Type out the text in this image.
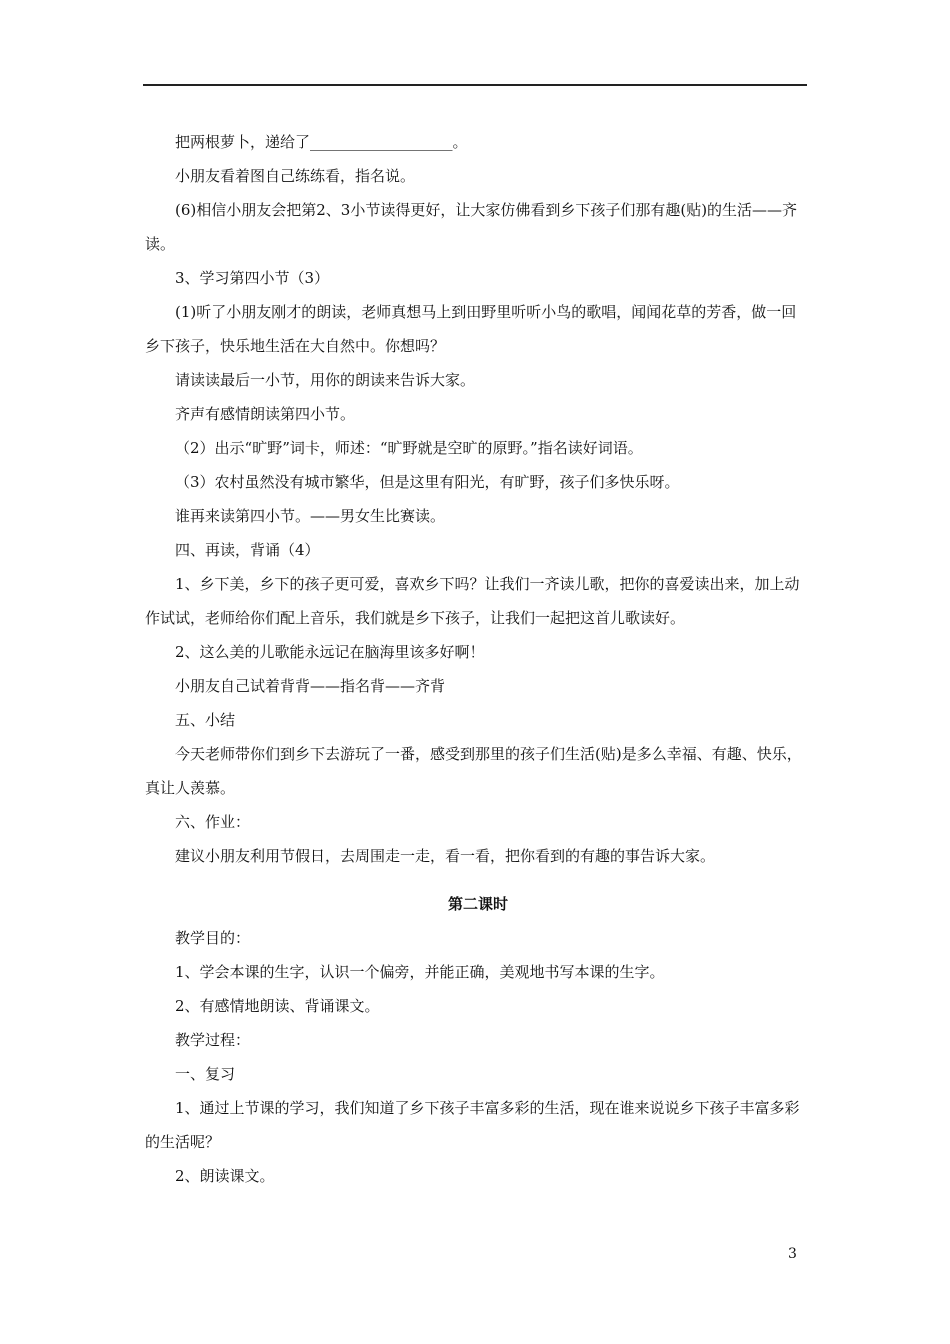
把两根萝卜，递给了___________________。

小朋友看着图自己练练看，指名说。

(6)相信小朋友会把第2、3小节读得更好，让大家仿佛看到乡下孩子们那有趣(贴)的生活——齐读。

3、学习第四小节（3）

(1)听了小朋友刚才的朗读，老师真想马上到田野里听听小鸟的歌唱，闻闻花草的芳香，做一回乡下孩子，快乐地生活在大自然中。你想吗？

请读读最后一小节，用你的朗读来告诉大家。

齐声有感情朗读第四小节。

（2）出示“旷野”词卡，师述：“旷野就是空旷的原野。”指名读好词语。

（3）农村虽然没有城市繁华，但是这里有阳光，有旷野，孩子们多快乐呀。

谁再来读第四小节。——男女生比赛读。

四、再读，背诵（4）

1、乡下美，乡下的孩子更可爱，喜欢乡下吗？让我们一齐读儿歌，把你的喜爱读出来，加上动作试试，老师给你们配上音乐，我们就是乡下孩子，让我们一起把这首儿歌读好。

2、这么美的儿歌能永远记在脑海里该多好啊！

小朋友自己试着背背——指名背——齐背

五、小结

今天老师带你们到乡下去游玩了一番，感受到那里的孩子们生活(贴)是多么幸福、有趣、快乐，真让人羡慕。

六、作业：

建议小朋友利用节假日，去周围走一走，看一看，把你看到的有趣的事告诉大家。

第二课时

教学目的：

1、学会本课的生字，认识一个偏旁，并能正确，美观地书写本课的生字。

2、有感情地朗读、背诵课文。

教学过程：

一、复习

1、通过上节课的学习，我们知道了乡下孩子丰富多彩的生活，现在谁来说说乡下孩子丰富多彩的生活呢？

2、朗读课文。

3
